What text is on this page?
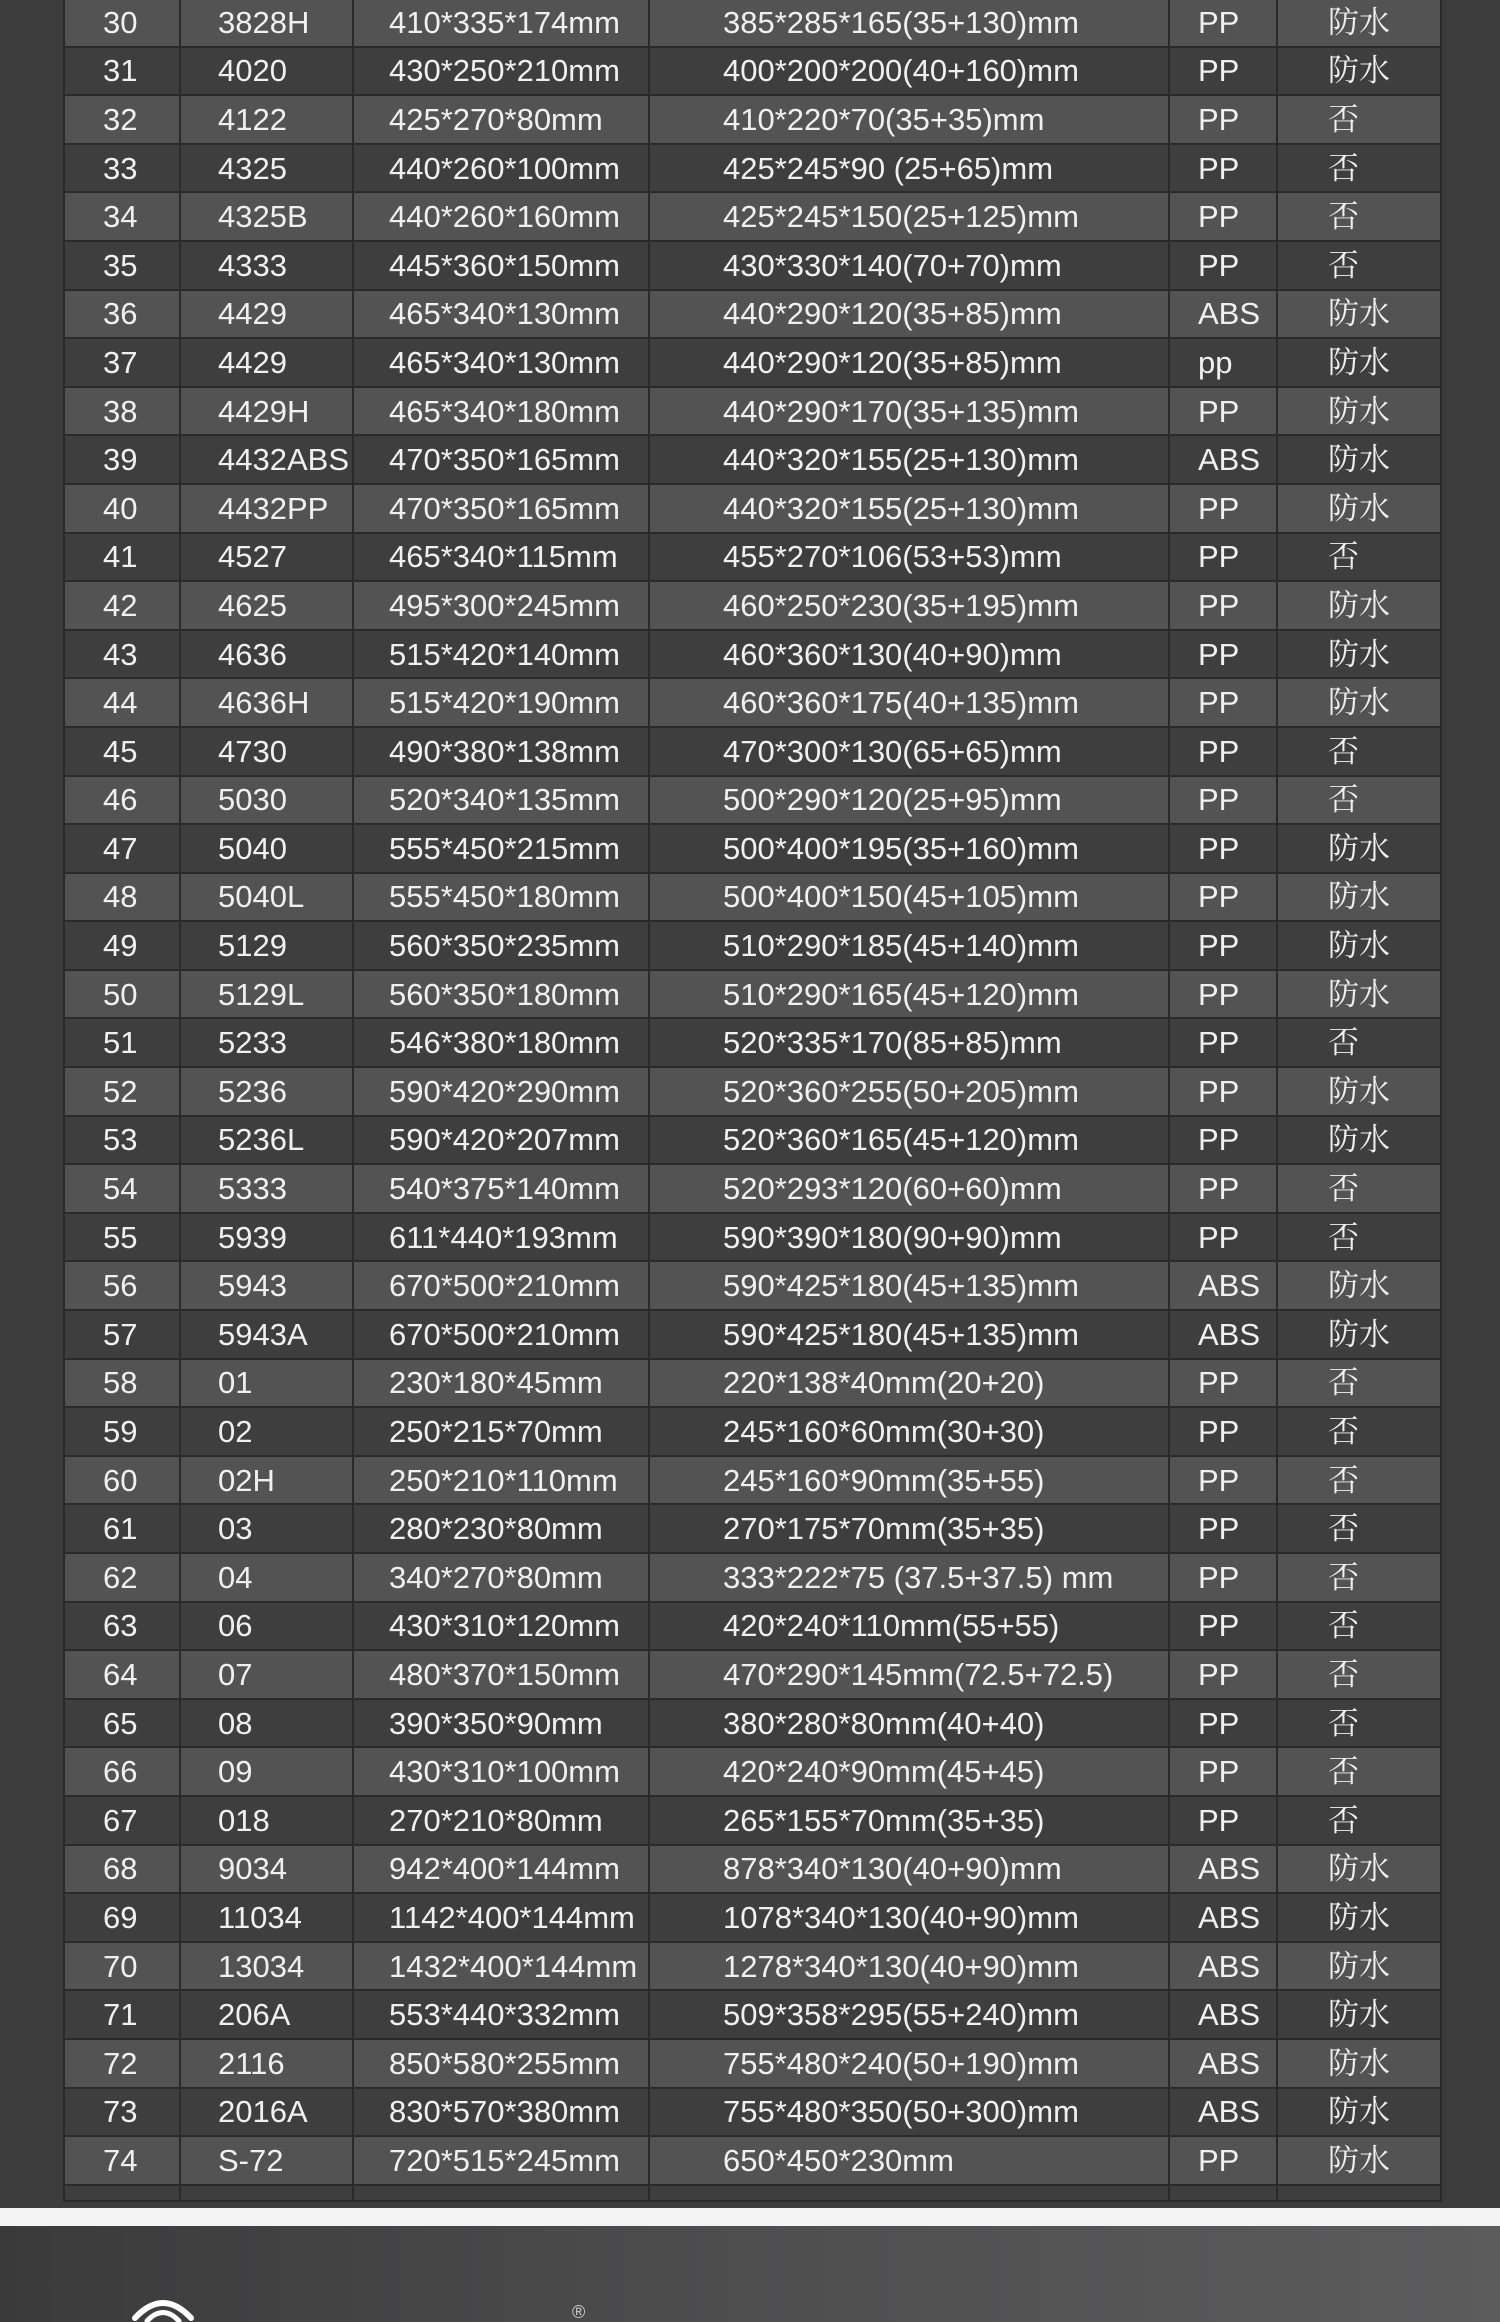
30	3828H	410*335*174mm	385*285*165(35+130)mm	PP	防水
31	4020	430*250*210mm	400*200*200(40+160)mm	PP	防水
32	4122	425*270*80mm	410*220*70(35+35)mm	PP	否
33	4325	440*260*100mm	425*245*90 (25+65)mm	PP	否
34	4325B	440*260*160mm	425*245*150(25+125)mm	PP	否
35	4333	445*360*150mm	430*330*140(70+70)mm	PP	否
36	4429	465*340*130mm	440*290*120(35+85)mm	ABS	防水
37	4429	465*340*130mm	440*290*120(35+85)mm	pp	防水
38	4429H	465*340*180mm	440*290*170(35+135)mm	PP	防水
39	4432ABS	470*350*165mm	440*320*155(25+130)mm	ABS	防水
40	4432PP	470*350*165mm	440*320*155(25+130)mm	PP	防水
41	4527	465*340*115mm	455*270*106(53+53)mm	PP	否
42	4625	495*300*245mm	460*250*230(35+195)mm	PP	防水
43	4636	515*420*140mm	460*360*130(40+90)mm	PP	防水
44	4636H	515*420*190mm	460*360*175(40+135)mm	PP	防水
45	4730	490*380*138mm	470*300*130(65+65)mm	PP	否
46	5030	520*340*135mm	500*290*120(25+95)mm	PP	否
47	5040	555*450*215mm	500*400*195(35+160)mm	PP	防水
48	5040L	555*450*180mm	500*400*150(45+105)mm	PP	防水
49	5129	560*350*235mm	510*290*185(45+140)mm	PP	防水
50	5129L	560*350*180mm	510*290*165(45+120)mm	PP	防水
51	5233	546*380*180mm	520*335*170(85+85)mm	PP	否
52	5236	590*420*290mm	520*360*255(50+205)mm	PP	防水
53	5236L	590*420*207mm	520*360*165(45+120)mm	PP	防水
54	5333	540*375*140mm	520*293*120(60+60)mm	PP	否
55	5939	611*440*193mm	590*390*180(90+90)mm	PP	否
56	5943	670*500*210mm	590*425*180(45+135)mm	ABS	防水
57	5943A	670*500*210mm	590*425*180(45+135)mm	ABS	防水
58	01	230*180*45mm	220*138*40mm(20+20)	PP	否
59	02	250*215*70mm	245*160*60mm(30+30)	PP	否
60	02H	250*210*110mm	245*160*90mm(35+55)	PP	否
61	03	280*230*80mm	270*175*70mm(35+35)	PP	否
62	04	340*270*80mm	333*222*75 (37.5+37.5) mm	PP	否
63	06	430*310*120mm	420*240*110mm(55+55)	PP	否
64	07	480*370*150mm	470*290*145mm(72.5+72.5)	PP	否
65	08	390*350*90mm	380*280*80mm(40+40)	PP	否
66	09	430*310*100mm	420*240*90mm(45+45)	PP	否
67	018	270*210*80mm	265*155*70mm(35+35)	PP	否
68	9034	942*400*144mm	878*340*130(40+90)mm	ABS	防水
69	11034	1142*400*144mm	1078*340*130(40+90)mm	ABS	防水
70	13034	1432*400*144mm	1278*340*130(40+90)mm	ABS	防水
71	206A	553*440*332mm	509*358*295(55+240)mm	ABS	防水
72	2116	850*580*255mm	755*480*240(50+190)mm	ABS	防水
73	2016A	830*570*380mm	755*480*350(50+300)mm	ABS	防水
74	S-72	720*515*245mm	650*450*230mm	PP	防水

®
